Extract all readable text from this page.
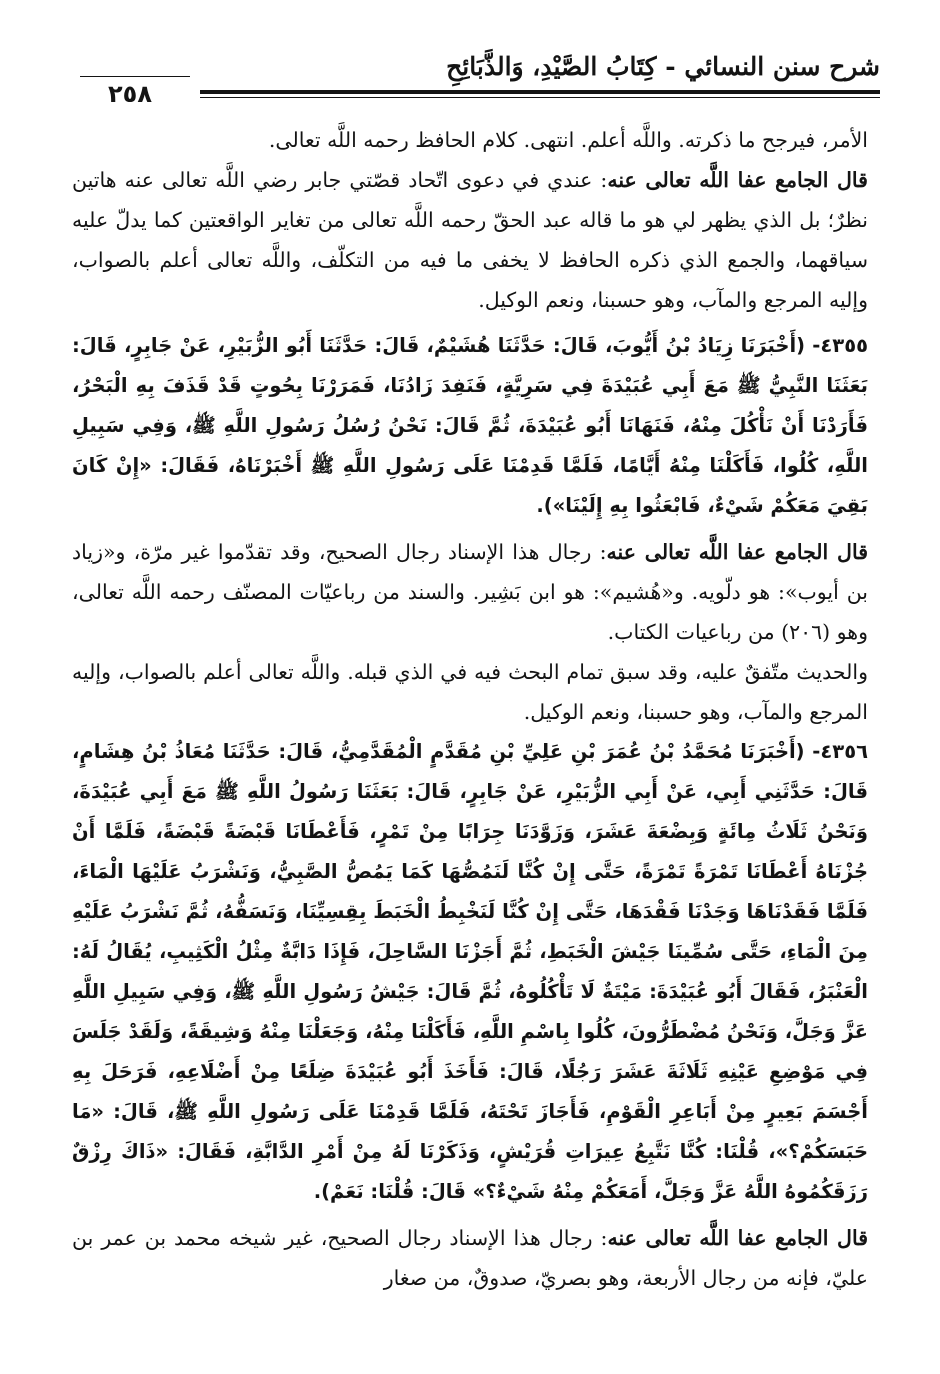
شرح سنن النسائي - كِتَابُ الصَّيْدِ، وَالذَّبَائِحِ
٢٥٨

الأمر، فيرجح ما ذكرته. واللَّه أعلم. انتهى. كلام الحافظ رحمه اللَّه تعالى.

قال الجامع عفا اللَّه تعالى عنه: عندي في دعوى اتّحاد قصّتي جابر رضي اللَّه تعالى عنه هاتين نظرٌ؛ بل الذي يظهر لي هو ما قاله عبد الحقّ رحمه اللَّه تعالى من تغاير الواقعتين كما يدلّ عليه سياقهما، والجمع الذي ذكره الحافظ لا يخفى ما فيه من التكلّف، واللَّه تعالى أعلم بالصواب، وإليه المرجع والمآب، وهو حسبنا، ونعم الوكيل.

٤٣٥٥- (أَخْبَرَنَا زِيَادُ بْنُ أَيُّوبَ، قَالَ: حَدَّثَنَا هُشَيْمٌ، قَالَ: حَدَّثَنَا أَبُو الزُّبَيْرِ، عَنْ جَابِرٍ، قَالَ: بَعَثَنَا النَّبِيُّ ﷺ مَعَ أَبِي عُبَيْدَةَ فِي سَرِيَّةٍ، فَنَفِدَ زَادُنَا، فَمَرَرْنَا بِحُوتٍ قَدْ قَذَفَ بِهِ الْبَحْرُ، فَأَرَدْنَا أَنْ نَأْكُلَ مِنْهُ، فَنَهَانَا أَبُو عُبَيْدَةَ، ثُمَّ قَالَ: نَحْنُ رُسُلُ رَسُولِ اللَّهِ ﷺ، وَفِي سَبِيلِ اللَّهِ، كُلُوا، فَأَكَلْنَا مِنْهُ أَيَّامًا، فَلَمَّا قَدِمْنَا عَلَى رَسُولِ اللَّهِ ﷺ أَخْبَرْنَاهُ، فَقَالَ: «إِنْ كَانَ بَقِيَ مَعَكُمْ شَيْءٌ، فَابْعَثُوا بِهِ إِلَيْنَا»).

قال الجامع عفا اللَّه تعالى عنه: رجال هذا الإسناد رجال الصحيح، وقد تقدّموا غير مرّة، و«زياد بن أيوب»: هو دلّويه. و«هُشيم»: هو ابن بَشِير. والسند من رباعيّات المصنّف رحمه اللَّه تعالى، وهو (٢٠٦) من رباعيات الكتاب.

والحديث متّفقٌ عليه، وقد سبق تمام البحث فيه في الذي قبله. واللَّه تعالى أعلم بالصواب، وإليه المرجع والمآب، وهو حسبنا، ونعم الوكيل.

٤٣٥٦- (أَخْبَرَنَا مُحَمَّدُ بْنُ عُمَرَ بْنِ عَلِيِّ بْنِ مُقَدَّمٍ الْمُقَدَّمِيُّ، قَالَ: حَدَّثَنَا مُعَاذُ بْنُ هِشَامٍ، قَالَ: حَدَّثَنِي أَبِي، عَنْ أَبِي الزُّبَيْرِ، عَنْ جَابِرٍ، قَالَ: بَعَثَنَا رَسُولُ اللَّهِ ﷺ مَعَ أَبِي عُبَيْدَةَ، وَنَحْنُ ثَلَاثُ مِائَةٍ وَبِضْعَةَ عَشَرَ، وَزَوَّدَنَا جِرَابًا مِنْ تَمْرٍ، فَأَعْطَانَا قَبْضَةً قَبْضَةً، فَلَمَّا أَنْ جُزْنَاهُ أَعْطَانَا تَمْرَةً تَمْرَةً، حَتَّى إِنْ كُنَّا لَنَمُصُّهَا كَمَا يَمُصُّ الصَّبِيُّ، وَنَشْرَبُ عَلَيْهَا الْمَاءَ، فَلَمَّا فَقَدْنَاهَا وَجَدْنَا فَقْدَهَا، حَتَّى إِنْ كُنَّا لَنَخْبِطُ الْخَبَطَ بِقِسِيِّنَا، وَنَسَفُّهُ، ثُمَّ نَشْرَبُ عَلَيْهِ مِنَ الْمَاءِ، حَتَّى سُمِّينَا جَيْشَ الْخَبَطِ، ثُمَّ أَجَزْنَا السَّاحِلَ، فَإِذَا دَابَّةٌ مِثْلُ الْكَثِيبِ، يُقَالُ لَهُ: الْعَنْبَرُ، فَقَالَ أَبُو عُبَيْدَةَ: مَيْتَةٌ لَا تَأْكُلُوهُ، ثُمَّ قَالَ: جَيْشُ رَسُولِ اللَّهِ ﷺ، وَفِي سَبِيلِ اللَّهِ عَزَّ وَجَلَّ، وَنَحْنُ مُضْطَرُّونَ، كُلُوا بِاسْمِ اللَّهِ، فَأَكَلْنَا مِنْهُ، وَجَعَلْنَا مِنْهُ وَشِيقَةً، وَلَقَدْ جَلَسَ فِي مَوْضِعِ عَيْنِهِ ثَلَاثَةَ عَشَرَ رَجُلًا، قَالَ: فَأَخَذَ أَبُو عُبَيْدَةَ ضِلَعًا مِنْ أَضْلَاعِهِ، فَرَحَلَ بِهِ أَجْسَمَ بَعِيرٍ مِنْ أَبَاعِرِ الْقَوْمِ، فَأَجَازَ تَحْتَهُ، فَلَمَّا قَدِمْنَا عَلَى رَسُولِ اللَّهِ ﷺ، قَالَ: «مَا حَبَسَكُمْ؟»، قُلْنَا: كُنَّا نَتَّبِعُ عِيرَاتِ قُرَيْشٍ، وَذَكَرْنَا لَهُ مِنْ أَمْرِ الدَّابَّةِ، فَقَالَ: «ذَاكَ رِزْقٌ رَزَقَكُمُوهُ اللَّهُ عَزَّ وَجَلَّ، أَمَعَكُمْ مِنْهُ شَيْءٌ؟» قَالَ: قُلْنَا: نَعَمْ).

قال الجامع عفا اللَّه تعالى عنه: رجال هذا الإسناد رجال الصحيح، غير شيخه محمد بن عمر بن عليّ، فإنه من رجال الأربعة، وهو بصريّ، صدوقٌ، من صغار
